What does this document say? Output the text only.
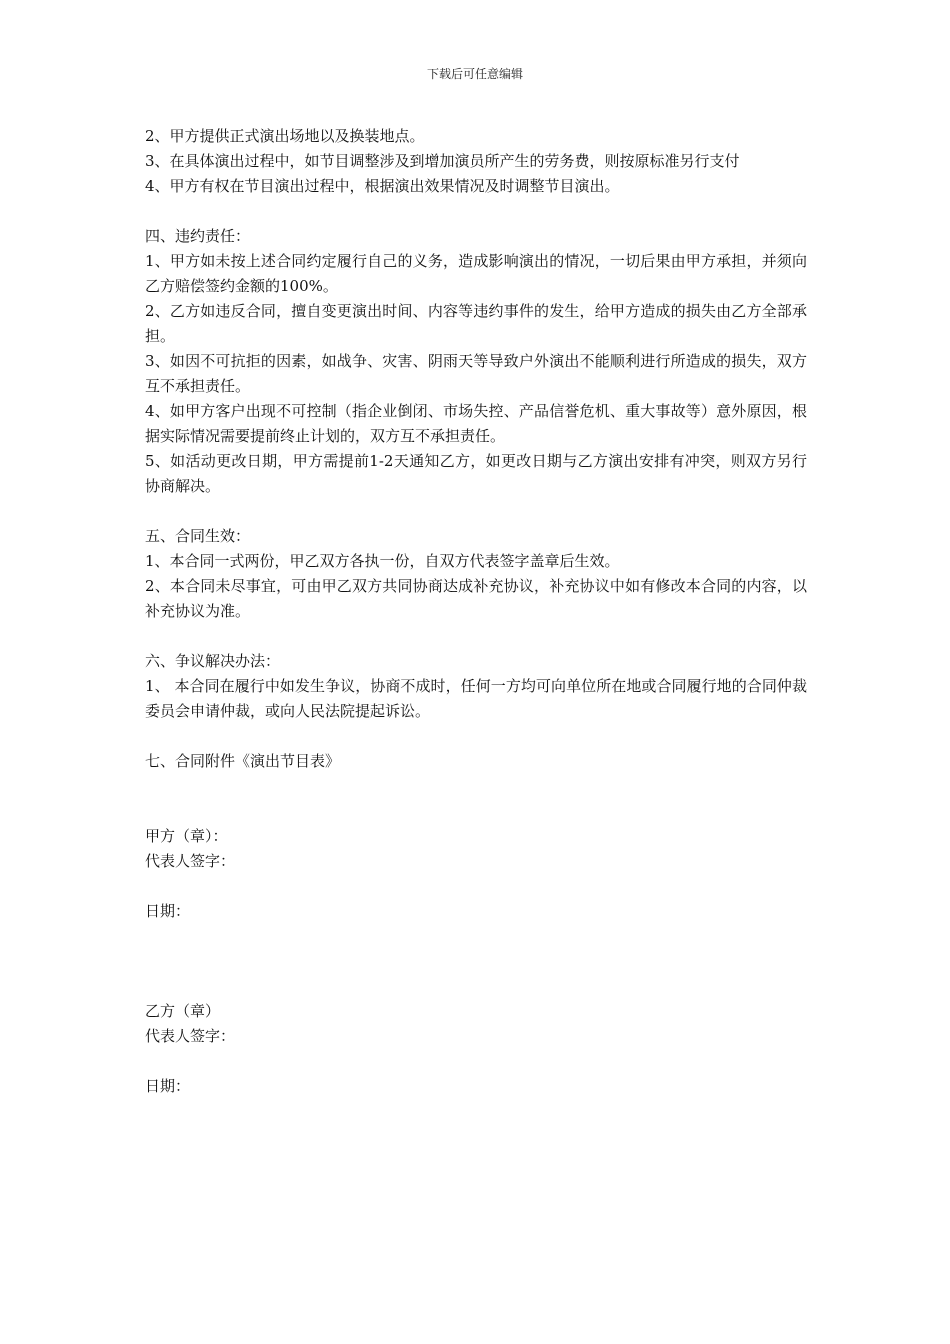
下载后可任意编辑

2、甲方提供正式演出场地以及换装地点。

3、在具体演出过程中，如节目调整涉及到增加演员所产生的劳务费，则按原标准另行支付

4、甲方有权在节目演出过程中，根据演出效果情况及时调整节目演出。

四、违约责任：

1、甲方如未按上述合同约定履行自己的义务，造成影响演出的情况，一切后果由甲方承担，并须向乙方赔偿签约金额的100%。

2、乙方如违反合同，擅自变更演出时间、内容等违约事件的发生，给甲方造成的损失由乙方全部承担。

3、如因不可抗拒的因素，如战争、灾害、阴雨天等导致户外演出不能顺利进行所造成的损失，双方互不承担责任。

4、如甲方客户出现不可控制（指企业倒闭、市场失控、产品信誉危机、重大事故等）意外原因，根据实际情况需要提前终止计划的，双方互不承担责任。

5、如活动更改日期，甲方需提前1-2天通知乙方，如更改日期与乙方演出安排有冲突，则双方另行协商解决。

五、合同生效：

1、本合同一式两份，甲乙双方各执一份，自双方代表签字盖章后生效。

2、本合同未尽事宜，可由甲乙双方共同协商达成补充协议，补充协议中如有修改本合同的内容，以补充协议为准。

六、争议解决办法：

1、 本合同在履行中如发生争议，协商不成时，任何一方均可向单位所在地或合同履行地的合同仲裁委员会申请仲裁，或向人民法院提起诉讼。

七、合同附件《演出节目表》

甲方（章）：

代表人签字：

日期：

乙方（章）

代表人签字：

日期：
